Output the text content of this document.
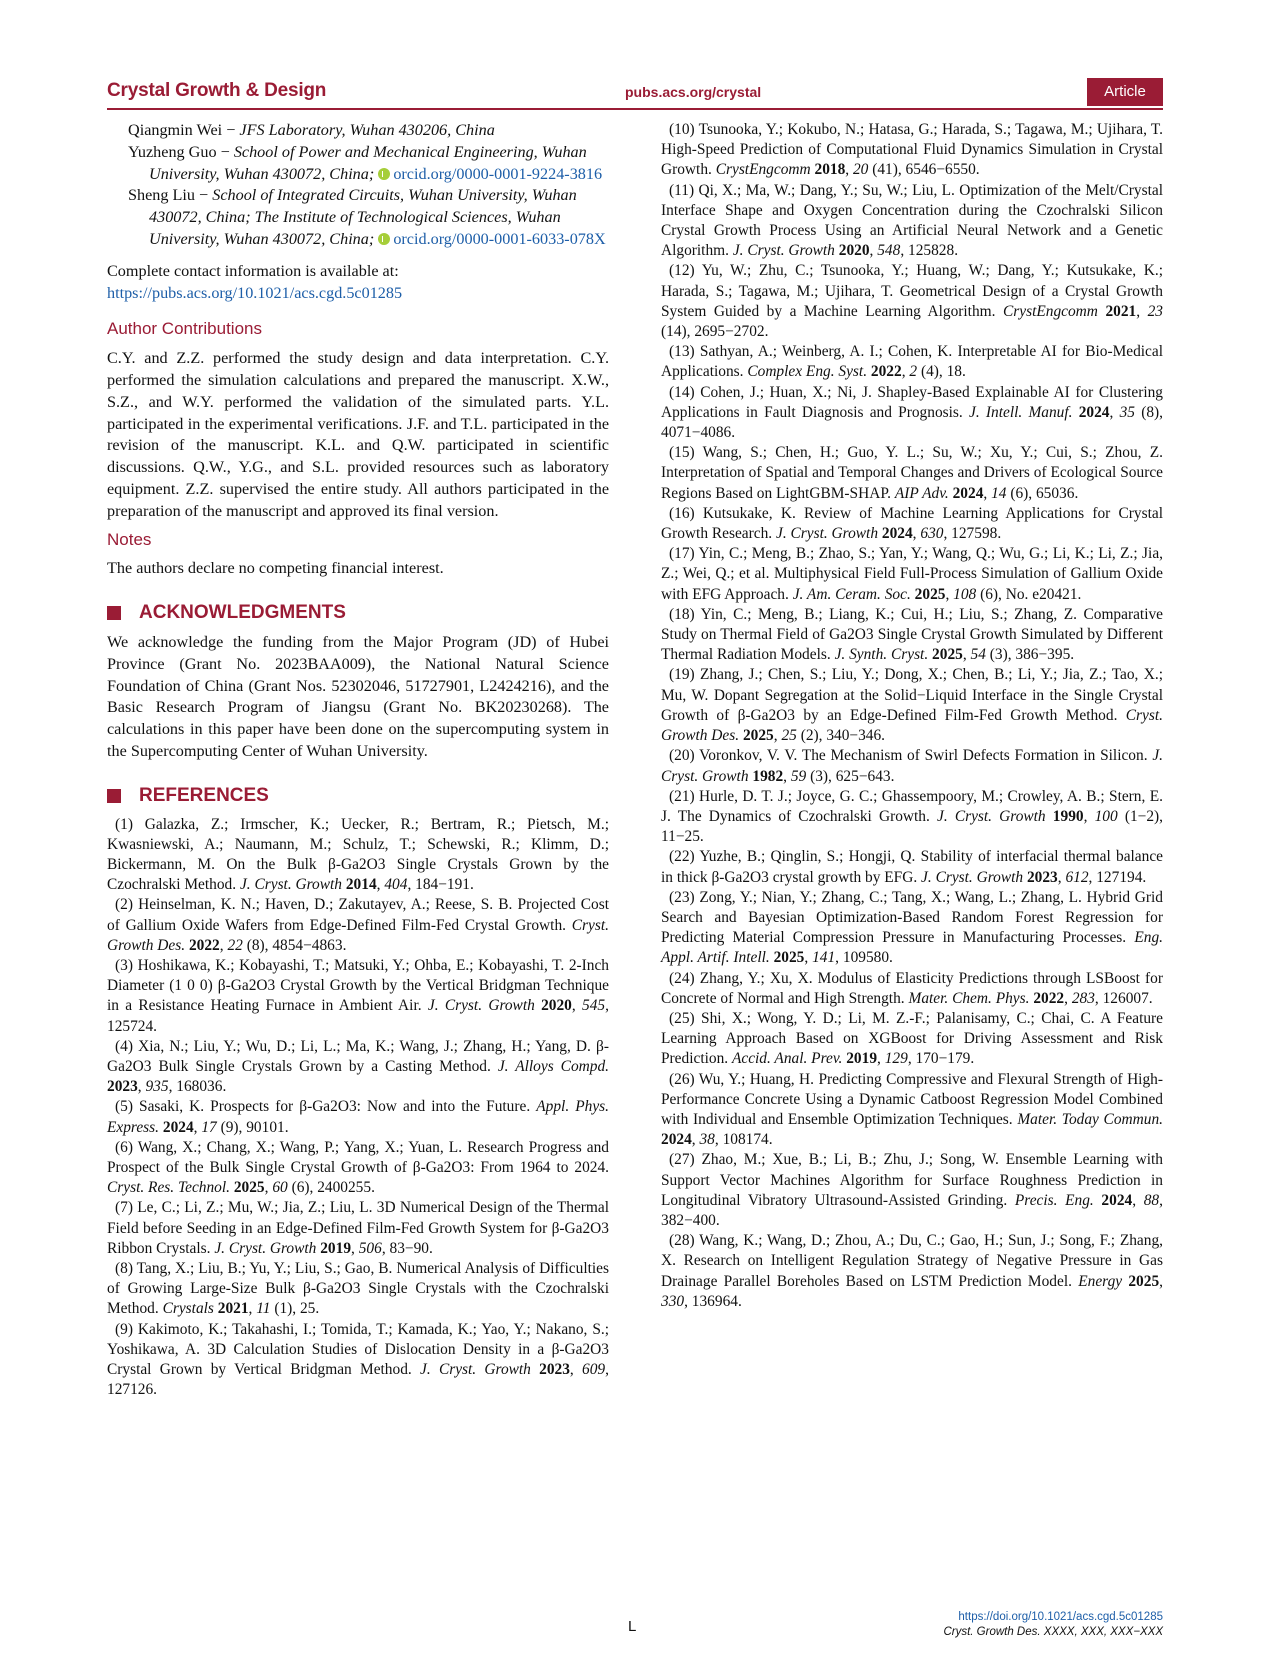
Crystal Growth & Design	pubs.acs.org/crystal	Article

Qiangmin Wei − JFS Laboratory, Wuhan 430206, China

Yuzheng Guo − School of Power and Mechanical Engineering, Wuhan University, Wuhan 430072, China; orcid.org/0000-0001-9224-3816

Sheng Liu − School of Integrated Circuits, Wuhan University, Wuhan 430072, China; The Institute of Technological Sciences, Wuhan University, Wuhan 430072, China; orcid.org/0000-0001-6033-078X

Complete contact information is available at:

https://pubs.acs.org/10.1021/acs.cgd.5c01285

Author Contributions

C.Y. and Z.Z. performed the study design and data interpretation. C.Y. performed the simulation calculations and prepared the manuscript. X.W., S.Z., and W.Y. performed the validation of the simulated parts. Y.L. participated in the experimental verifications. J.F. and T.L. participated in the revision of the manuscript. K.L. and Q.W. participated in scientific discussions. Q.W., Y.G., and S.L. provided resources such as laboratory equipment. Z.Z. supervised the entire study. All authors participated in the preparation of the manuscript and approved its final version.

Notes

The authors declare no competing financial interest.

ACKNOWLEDGMENTS

We acknowledge the funding from the Major Program (JD) of Hubei Province (Grant No. 2023BAA009), the National Natural Science Foundation of China (Grant Nos. 52302046, 51727901, L2424216), and the Basic Research Program of Jiangsu (Grant No. BK20230268). The calculations in this paper have been done on the supercomputing system in the Supercomputing Center of Wuhan University.

REFERENCES

(1) Galazka, Z.; Irmscher, K.; Uecker, R.; Bertram, R.; Pietsch, M.; Kwasniewski, A.; Naumann, M.; Schulz, T.; Schewski, R.; Klimm, D.; Bickermann, M. On the Bulk β-Ga2O3 Single Crystals Grown by the Czochralski Method. J. Cryst. Growth 2014, 404, 184−191.

(2) Heinselman, K. N.; Haven, D.; Zakutayev, A.; Reese, S. B. Projected Cost of Gallium Oxide Wafers from Edge-Defined Film-Fed Crystal Growth. Cryst. Growth Des. 2022, 22 (8), 4854−4863.

(3) Hoshikawa, K.; Kobayashi, T.; Matsuki, Y.; Ohba, E.; Kobayashi, T. 2-Inch Diameter (1 0 0) β-Ga2O3 Crystal Growth by the Vertical Bridgman Technique in a Resistance Heating Furnace in Ambient Air. J. Cryst. Growth 2020, 545, 125724.

(4) Xia, N.; Liu, Y.; Wu, D.; Li, L.; Ma, K.; Wang, J.; Zhang, H.; Yang, D. β-Ga2O3 Bulk Single Crystals Grown by a Casting Method. J. Alloys Compd. 2023, 935, 168036.

(5) Sasaki, K. Prospects for β-Ga2O3: Now and into the Future. Appl. Phys. Express. 2024, 17 (9), 90101.

(6) Wang, X.; Chang, X.; Wang, P.; Yang, X.; Yuan, L. Research Progress and Prospect of the Bulk Single Crystal Growth of β-Ga2O3: From 1964 to 2024. Cryst. Res. Technol. 2025, 60 (6), 2400255.

(7) Le, C.; Li, Z.; Mu, W.; Jia, Z.; Liu, L. 3D Numerical Design of the Thermal Field before Seeding in an Edge-Defined Film-Fed Growth System for β-Ga2O3 Ribbon Crystals. J. Cryst. Growth 2019, 506, 83−90.

(8) Tang, X.; Liu, B.; Yu, Y.; Liu, S.; Gao, B. Numerical Analysis of Difficulties of Growing Large-Size Bulk β-Ga2O3 Single Crystals with the Czochralski Method. Crystals 2021, 11 (1), 25.

(9) Kakimoto, K.; Takahashi, I.; Tomida, T.; Kamada, K.; Yao, Y.; Nakano, S.; Yoshikawa, A. 3D Calculation Studies of Dislocation Density in a β-Ga2O3 Crystal Grown by Vertical Bridgman Method. J. Cryst. Growth 2023, 609, 127126.

(10) Tsunooka, Y.; Kokubo, N.; Hatasa, G.; Harada, S.; Tagawa, M.; Ujihara, T. High-Speed Prediction of Computational Fluid Dynamics Simulation in Crystal Growth. CrystEngcomm 2018, 20 (41), 6546−6550.

(11) Qi, X.; Ma, W.; Dang, Y.; Su, W.; Liu, L. Optimization of the Melt/Crystal Interface Shape and Oxygen Concentration during the Czochralski Silicon Crystal Growth Process Using an Artificial Neural Network and a Genetic Algorithm. J. Cryst. Growth 2020, 548, 125828.

(12) Yu, W.; Zhu, C.; Tsunooka, Y.; Huang, W.; Dang, Y.; Kutsukake, K.; Harada, S.; Tagawa, M.; Ujihara, T. Geometrical Design of a Crystal Growth System Guided by a Machine Learning Algorithm. CrystEngcomm 2021, 23 (14), 2695−2702.

(13) Sathyan, A.; Weinberg, A. I.; Cohen, K. Interpretable AI for Bio-Medical Applications. Complex Eng. Syst. 2022, 2 (4), 18.

(14) Cohen, J.; Huan, X.; Ni, J. Shapley-Based Explainable AI for Clustering Applications in Fault Diagnosis and Prognosis. J. Intell. Manuf. 2024, 35 (8), 4071−4086.

(15) Wang, S.; Chen, H.; Guo, Y. L.; Su, W.; Xu, Y.; Cui, S.; Zhou, Z. Interpretation of Spatial and Temporal Changes and Drivers of Ecological Source Regions Based on LightGBM-SHAP. AIP Adv. 2024, 14 (6), 65036.

(16) Kutsukake, K. Review of Machine Learning Applications for Crystal Growth Research. J. Cryst. Growth 2024, 630, 127598.

(17) Yin, C.; Meng, B.; Zhao, S.; Yan, Y.; Wang, Q.; Wu, G.; Li, K.; Li, Z.; Jia, Z.; Wei, Q.; et al. Multiphysical Field Full-Process Simulation of Gallium Oxide with EFG Approach. J. Am. Ceram. Soc. 2025, 108 (6), No. e20421.

(18) Yin, C.; Meng, B.; Liang, K.; Cui, H.; Liu, S.; Zhang, Z. Comparative Study on Thermal Field of Ga2O3 Single Crystal Growth Simulated by Different Thermal Radiation Models. J. Synth. Cryst. 2025, 54 (3), 386−395.

(19) Zhang, J.; Chen, S.; Liu, Y.; Dong, X.; Chen, B.; Li, Y.; Jia, Z.; Tao, X.; Mu, W. Dopant Segregation at the Solid−Liquid Interface in the Single Crystal Growth of β-Ga2O3 by an Edge-Defined Film-Fed Growth Method. Cryst. Growth Des. 2025, 25 (2), 340−346.

(20) Voronkov, V. V. The Mechanism of Swirl Defects Formation in Silicon. J. Cryst. Growth 1982, 59 (3), 625−643.

(21) Hurle, D. T. J.; Joyce, G. C.; Ghassempoory, M.; Crowley, A. B.; Stern, E. J. The Dynamics of Czochralski Growth. J. Cryst. Growth 1990, 100 (1−2), 11−25.

(22) Yuzhe, B.; Qinglin, S.; Hongji, Q. Stability of interfacial thermal balance in thick β-Ga2O3 crystal growth by EFG. J. Cryst. Growth 2023, 612, 127194.

(23) Zong, Y.; Nian, Y.; Zhang, C.; Tang, X.; Wang, L.; Zhang, L. Hybrid Grid Search and Bayesian Optimization-Based Random Forest Regression for Predicting Material Compression Pressure in Manufacturing Processes. Eng. Appl. Artif. Intell. 2025, 141, 109580.

(24) Zhang, Y.; Xu, X. Modulus of Elasticity Predictions through LSBoost for Concrete of Normal and High Strength. Mater. Chem. Phys. 2022, 283, 126007.

(25) Shi, X.; Wong, Y. D.; Li, M. Z.-F.; Palanisamy, C.; Chai, C. A Feature Learning Approach Based on XGBoost for Driving Assessment and Risk Prediction. Accid. Anal. Prev. 2019, 129, 170−179.

(26) Wu, Y.; Huang, H. Predicting Compressive and Flexural Strength of High-Performance Concrete Using a Dynamic Catboost Regression Model Combined with Individual and Ensemble Optimization Techniques. Mater. Today Commun. 2024, 38, 108174.

(27) Zhao, M.; Xue, B.; Li, B.; Zhu, J.; Song, W. Ensemble Learning with Support Vector Machines Algorithm for Surface Roughness Prediction in Longitudinal Vibratory Ultrasound-Assisted Grinding. Precis. Eng. 2024, 88, 382−400.

(28) Wang, K.; Wang, D.; Zhou, A.; Du, C.; Gao, H.; Sun, J.; Song, F.; Zhang, X. Research on Intelligent Regulation Strategy of Negative Pressure in Gas Drainage Parallel Boreholes Based on LSTM Prediction Model. Energy 2025, 330, 136964.

L
https://doi.org/10.1021/acs.cgd.5c01285
Cryst. Growth Des. XXXX, XXX, XXX−XXX
